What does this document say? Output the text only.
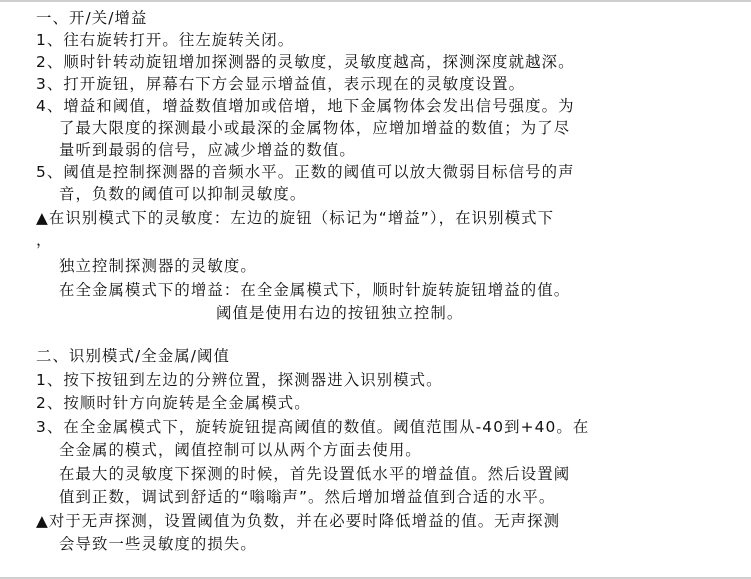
一、开/关/增益
1、往右旋转打开。往左旋转关闭。
2、顺时针转动旋钮增加探测器的灵敏度，灵敏度越高，探测深度就越深。
3、打开旋钮，屏幕右下方会显示增益值，表示现在的灵敏度设置。
4、增益和阈值，增益数值增加或倍增，地下金属物体会发出信号强度。为
了最大限度的探测最小或最深的金属物体，应增加增益的数值；为了尽
量听到最弱的信号，应减少增益的数值。
5、阈值是控制探测器的音频水平。正数的阈值可以放大微弱目标信号的声
音，负数的阈值可以抑制灵敏度。
▲在识别模式下的灵敏度：左边的旋钮（标记为“增益”），在识别模式下
，
独立控制探测器的灵敏度。
在全金属模式下的增益：在全金属模式下，顺时针旋转旋钮增益的值。
阈值是使用右边的按钮独立控制。
二、识别模式/全金属/阈值
1、按下按钮到左边的分辨位置，探测器进入识别模式。
2、按顺时针方向旋转是全金属模式。
3、在全金属模式下，旋转旋钮提高阈值的数值。阈值范围从-40到+40。在
全金属的模式，阈值控制可以从两个方面去使用。
在最大的灵敏度下探测的时候，首先设置低水平的增益值。然后设置阈
值到正数，调试到舒适的“嗡嗡声”。然后增加增益值到合适的水平。
▲对于无声探测，设置阈值为负数，并在必要时降低增益的值。无声探测
会导致一些灵敏度的损失。
